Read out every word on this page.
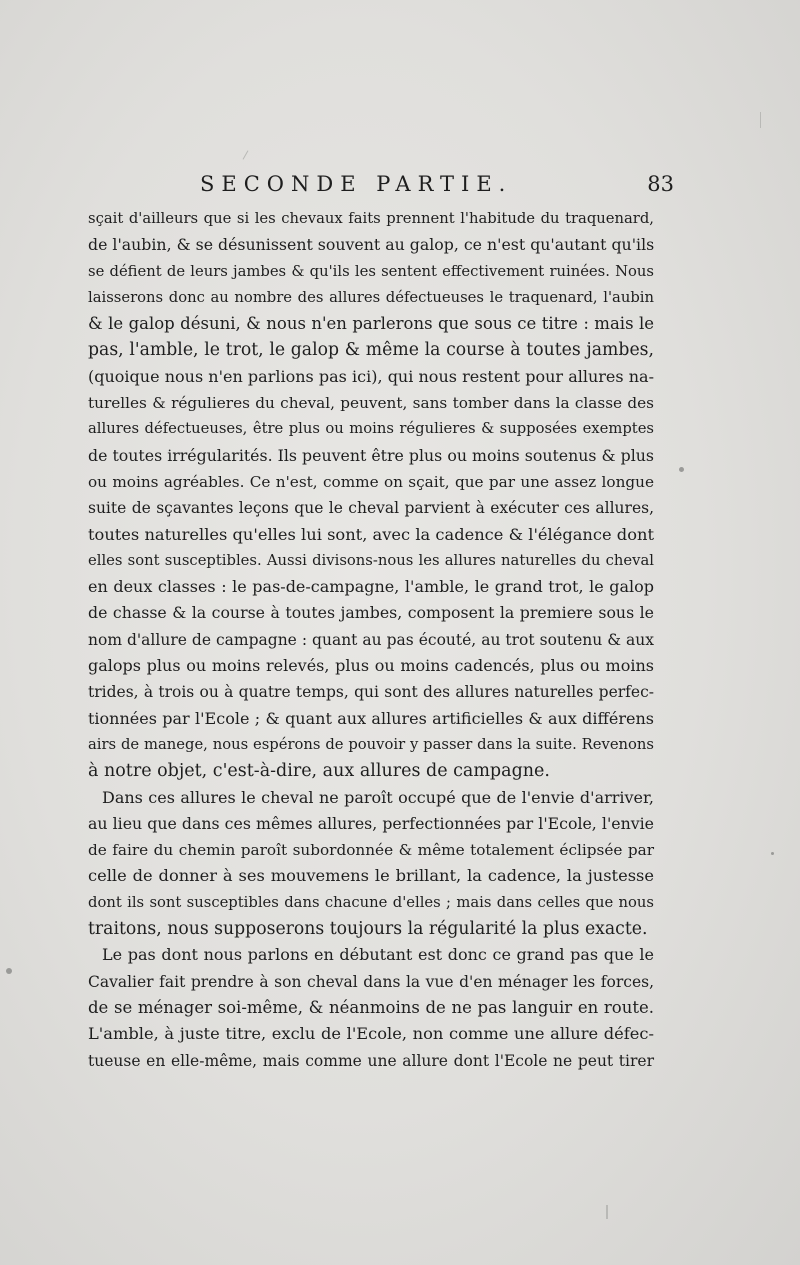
SECONDE PARTIE.	83
sçait d'ailleurs que si les chevaux faits prennent l'habitude du traquenard,
de l'aubin, & se désunissent souvent au galop, ce n'est qu'autant qu'ils
se défient de leurs jambes & qu'ils les sentent effectivement ruinées. Nous
laisserons donc au nombre des allures défectueuses le traquenard, l'aubin
& le galop désuni, & nous n'en parlerons que sous ce titre : mais le
pas, l'amble, le trot, le galop & même la course à toutes jambes,
(quoique nous n'en parlions pas ici), qui nous restent pour allures na-
turelles & régulieres du cheval, peuvent, sans tomber dans la classe des
allures défectueuses, être plus ou moins régulieres & supposées exemptes
de toutes irrégularités. Ils peuvent être plus ou moins soutenus & plus
ou moins agréables. Ce n'est, comme on sçait, que par une assez longue
suite de sçavantes leçons que le cheval parvient à exécuter ces allures,
toutes naturelles qu'elles lui sont, avec la cadence & l'élégance dont
elles sont susceptibles. Aussi divisons-nous les allures naturelles du cheval
en deux classes : le pas-de-campagne, l'amble, le grand trot, le galop
de chasse & la course à toutes jambes, composent la premiere sous le
nom d'allure de campagne : quant au pas écouté, au trot soutenu & aux
galops plus ou moins relevés, plus ou moins cadencés, plus ou moins
trides, à trois ou à quatre temps, qui sont des allures naturelles perfec-
tionnées par l'Ecole ; & quant aux allures artificielles & aux différens
airs de manege, nous espérons de pouvoir y passer dans la suite. Revenons
à notre objet, c'est-à-dire, aux allures de campagne.
Dans ces allures le cheval ne paroît occupé que de l'envie d'arriver,
au lieu que dans ces mêmes allures, perfectionnées par l'Ecole, l'envie
de faire du chemin paroît subordonnée & même totalement éclipsée par
celle de donner à ses mouvemens le brillant, la cadence, la justesse
dont ils sont susceptibles dans chacune d'elles ; mais dans celles que nous
traitons, nous supposerons toujours la régularité la plus exacte.
Le pas dont nous parlons en débutant est donc ce grand pas que le
Cavalier fait prendre à son cheval dans la vue d'en ménager les forces,
de se ménager soi-même, & néanmoins de ne pas languir en route.
L'amble, à juste titre, exclu de l'Ecole, non comme une allure défec-
tueuse en elle-même, mais comme une allure dont l'Ecole ne peut tirer
